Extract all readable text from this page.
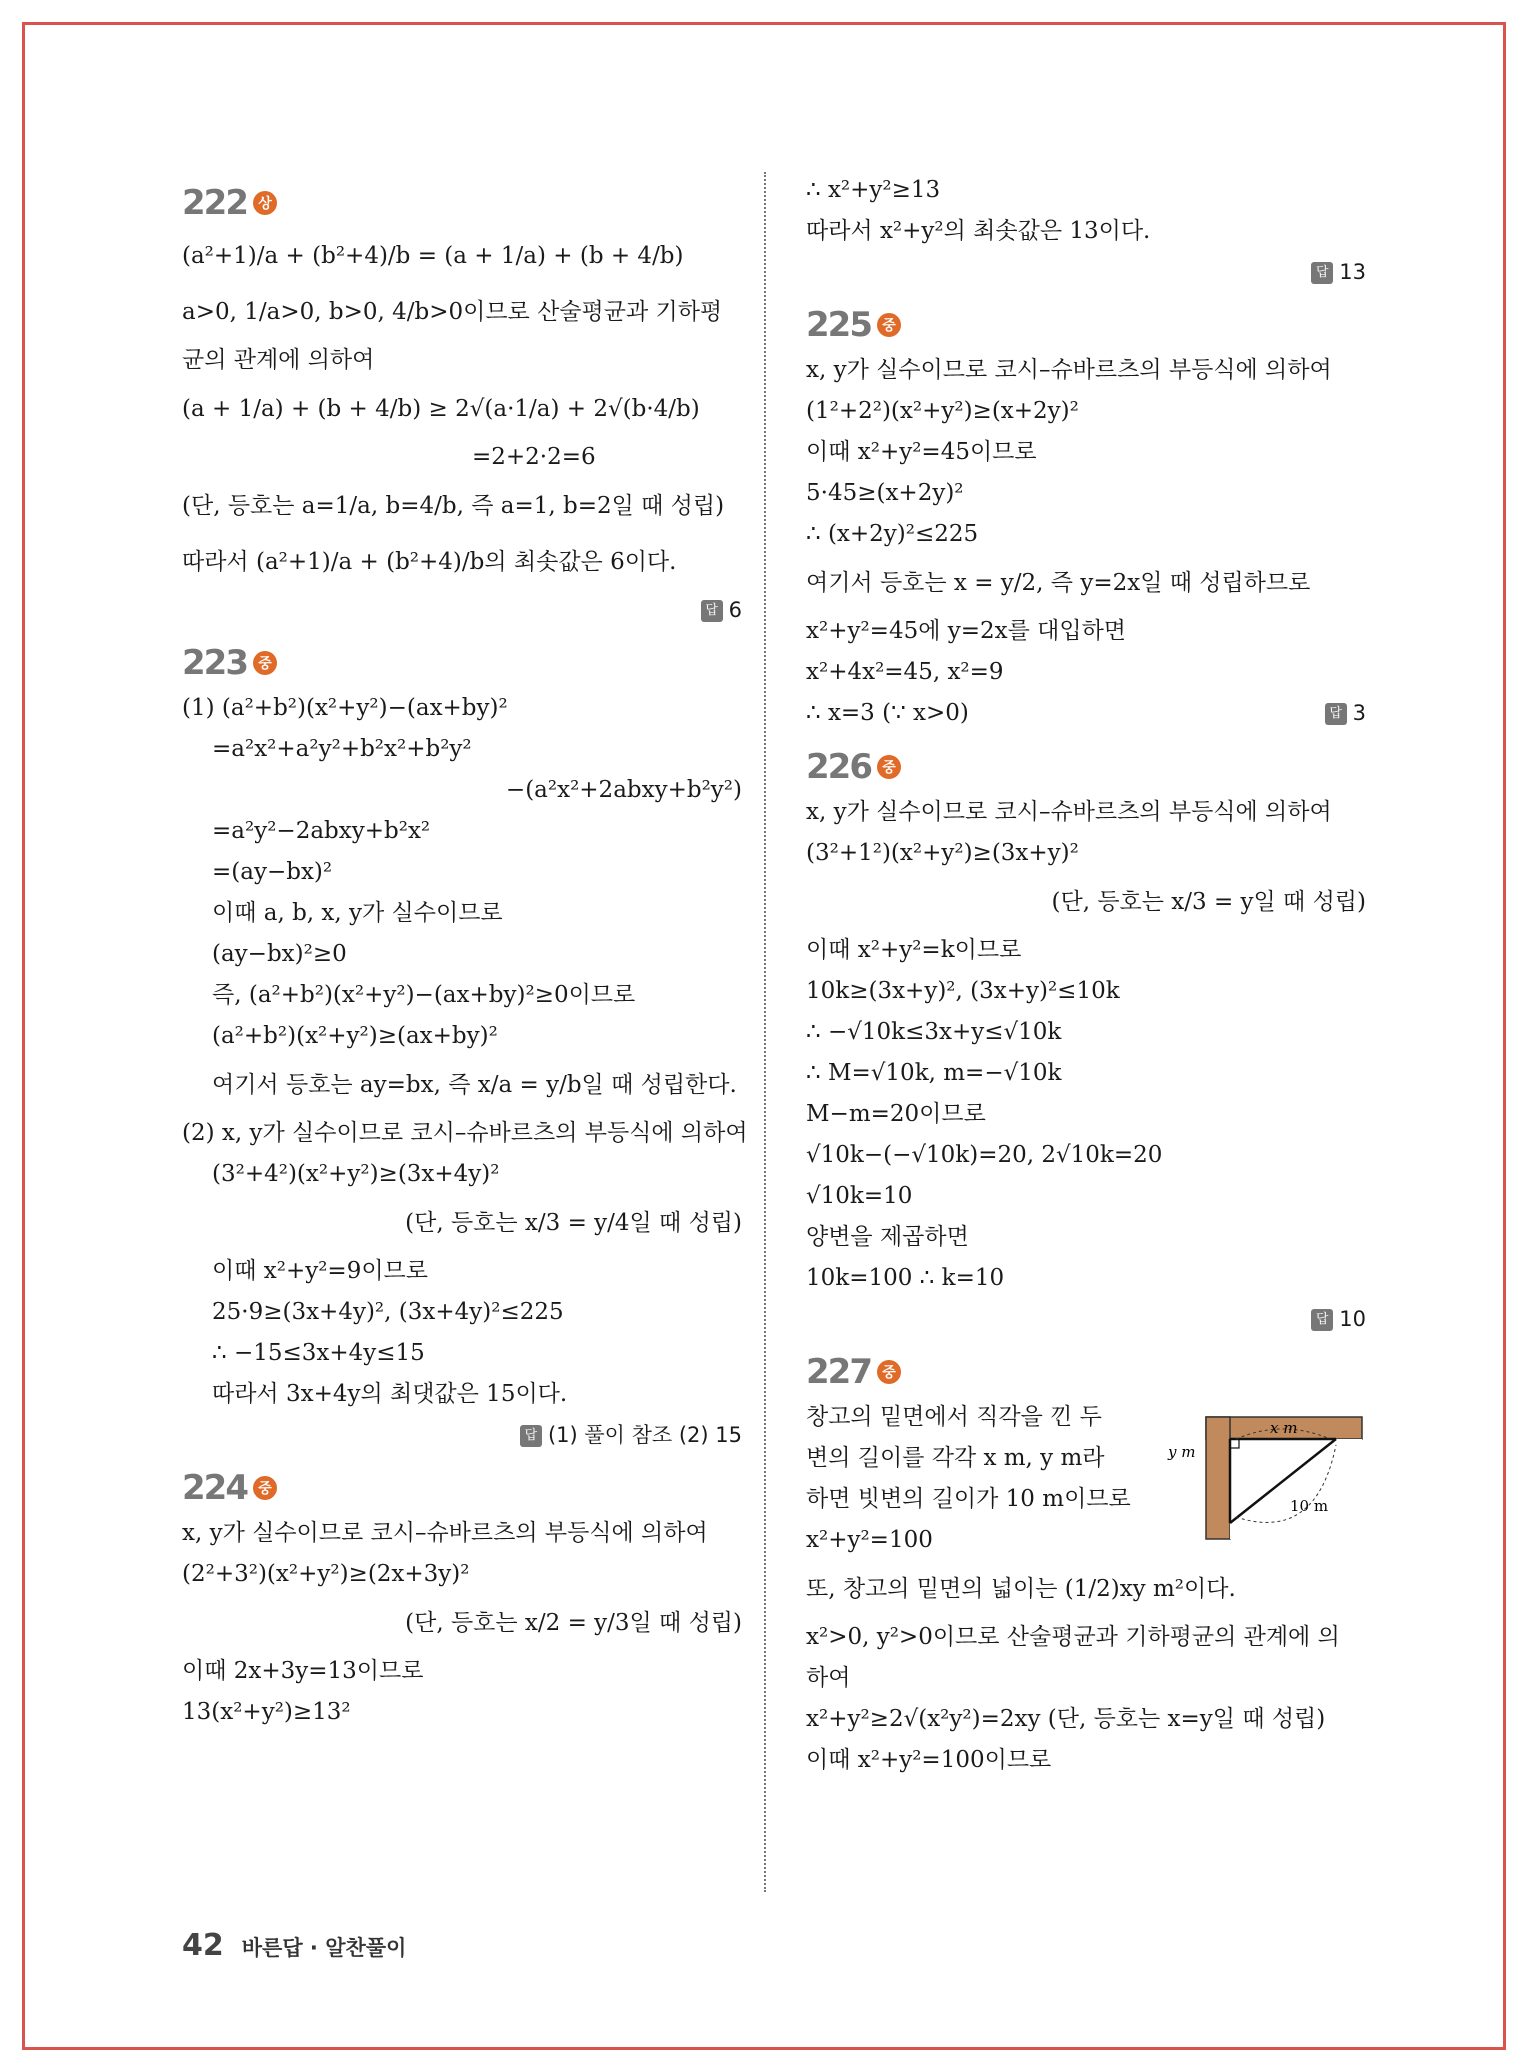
222 상
(a²+1)/a + (b²+4)/b = (a + 1/a) + (b + 4/b)
a>0, 1/a>0, b>0, 4/b>0이므로 산술평균과 기하평
균의 관계에 의하여
(a + 1/a) + (b + 4/b) ≥ 2√(a·1/a) + 2√(b·4/b)
=2+2·2=6
(단, 등호는 a=1/a, b=4/b, 즉 a=1, b=2일 때 성립)
따라서 (a²+1)/a + (b²+4)/b의 최솟값은 6이다.
답 6
223 중
(1) (a²+b²)(x²+y²)−(ax+by)²
=a²x²+a²y²+b²x²+b²y²
−(a²x²+2abxy+b²y²)
=a²y²−2abxy+b²x²
=(ay−bx)²
이때 a, b, x, y가 실수이므로
(ay−bx)²≥0
즉, (a²+b²)(x²+y²)−(ax+by)²≥0이므로
(a²+b²)(x²+y²)≥(ax+by)²
여기서 등호는 ay=bx, 즉 x/a = y/b일 때 성립한다.
(2) x, y가 실수이므로 코시–슈바르츠의 부등식에 의하여
(3²+4²)(x²+y²)≥(3x+4y)²
(단, 등호는 x/3 = y/4일 때 성립)
이때 x²+y²=9이므로
25·9≥(3x+4y)², (3x+4y)²≤225
∴ −15≤3x+4y≤15
따라서 3x+4y의 최댓값은 15이다.
답 (1) 풀이 참조 (2) 15
224 중
x, y가 실수이므로 코시–슈바르츠의 부등식에 의하여
(2²+3²)(x²+y²)≥(2x+3y)²
(단, 등호는 x/2 = y/3일 때 성립)
이때 2x+3y=13이므로
13(x²+y²)≥13²
∴ x²+y²≥13
따라서 x²+y²의 최솟값은 13이다.
답 13
225 중
x, y가 실수이므로 코시–슈바르츠의 부등식에 의하여
(1²+2²)(x²+y²)≥(x+2y)²
이때 x²+y²=45이므로
5·45≥(x+2y)²
∴ (x+2y)²≤225
여기서 등호는 x = y/2, 즉 y=2x일 때 성립하므로
x²+y²=45에 y=2x를 대입하면
x²+4x²=45, x²=9
∴ x=3 (∵ x>0)	답 3
226 중
x, y가 실수이므로 코시–슈바르츠의 부등식에 의하여
(3²+1²)(x²+y²)≥(3x+y)²
(단, 등호는 x/3 = y일 때 성립)
이때 x²+y²=k이므로
10k≥(3x+y)², (3x+y)²≤10k
∴ −√10k≤3x+y≤√10k
∴ M=√10k, m=−√10k
M−m=20이므로
√10k−(−√10k)=20, 2√10k=20
√10k=10
양변을 제곱하면
10k=100 ∴ k=10
답 10
227 중
창고의 밑면에서 직각을 낀 두
변의 길이를 각각 x m, y m라
하면 빗변의 길이가 10 m이므로
x²+y²=100
x m
y m
10 m
또, 창고의 밑면의 넓이는 (1/2)xy m²이다.
x²>0, y²>0이므로 산술평균과 기하평균의 관계에 의
하여
x²+y²≥2√(x²y²)=2xy (단, 등호는 x=y일 때 성립)
이때 x²+y²=100이므로
42 바른답 · 알찬풀이
